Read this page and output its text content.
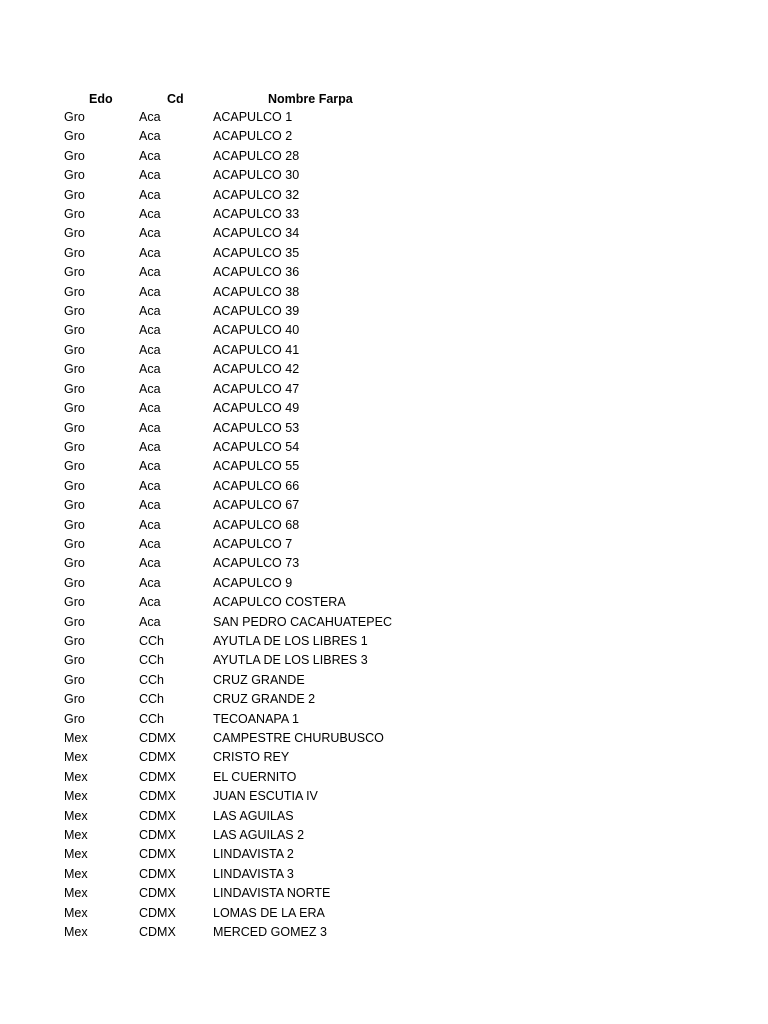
Edo	Cd	Nombre Farpa
Gro	Aca	ACAPULCO 1
Gro	Aca	ACAPULCO 2
Gro	Aca	ACAPULCO 28
Gro	Aca	ACAPULCO 30
Gro	Aca	ACAPULCO 32
Gro	Aca	ACAPULCO 33
Gro	Aca	ACAPULCO 34
Gro	Aca	ACAPULCO 35
Gro	Aca	ACAPULCO 36
Gro	Aca	ACAPULCO 38
Gro	Aca	ACAPULCO 39
Gro	Aca	ACAPULCO 40
Gro	Aca	ACAPULCO 41
Gro	Aca	ACAPULCO 42
Gro	Aca	ACAPULCO 47
Gro	Aca	ACAPULCO 49
Gro	Aca	ACAPULCO 53
Gro	Aca	ACAPULCO 54
Gro	Aca	ACAPULCO 55
Gro	Aca	ACAPULCO 66
Gro	Aca	ACAPULCO 67
Gro	Aca	ACAPULCO 68
Gro	Aca	ACAPULCO 7
Gro	Aca	ACAPULCO 73
Gro	Aca	ACAPULCO 9
Gro	Aca	ACAPULCO COSTERA
Gro	Aca	SAN PEDRO CACAHUATEPEC
Gro	CCh	AYUTLA DE LOS LIBRES 1
Gro	CCh	AYUTLA DE LOS LIBRES 3
Gro	CCh	CRUZ GRANDE
Gro	CCh	CRUZ GRANDE 2
Gro	CCh	TECOANAPA 1
Mex	CDMX	CAMPESTRE CHURUBUSCO
Mex	CDMX	CRISTO REY
Mex	CDMX	EL CUERNITO
Mex	CDMX	JUAN ESCUTIA IV
Mex	CDMX	LAS AGUILAS
Mex	CDMX	LAS AGUILAS 2
Mex	CDMX	LINDAVISTA 2
Mex	CDMX	LINDAVISTA 3
Mex	CDMX	LINDAVISTA NORTE
Mex	CDMX	LOMAS DE LA ERA
Mex	CDMX	MERCED GOMEZ 3
